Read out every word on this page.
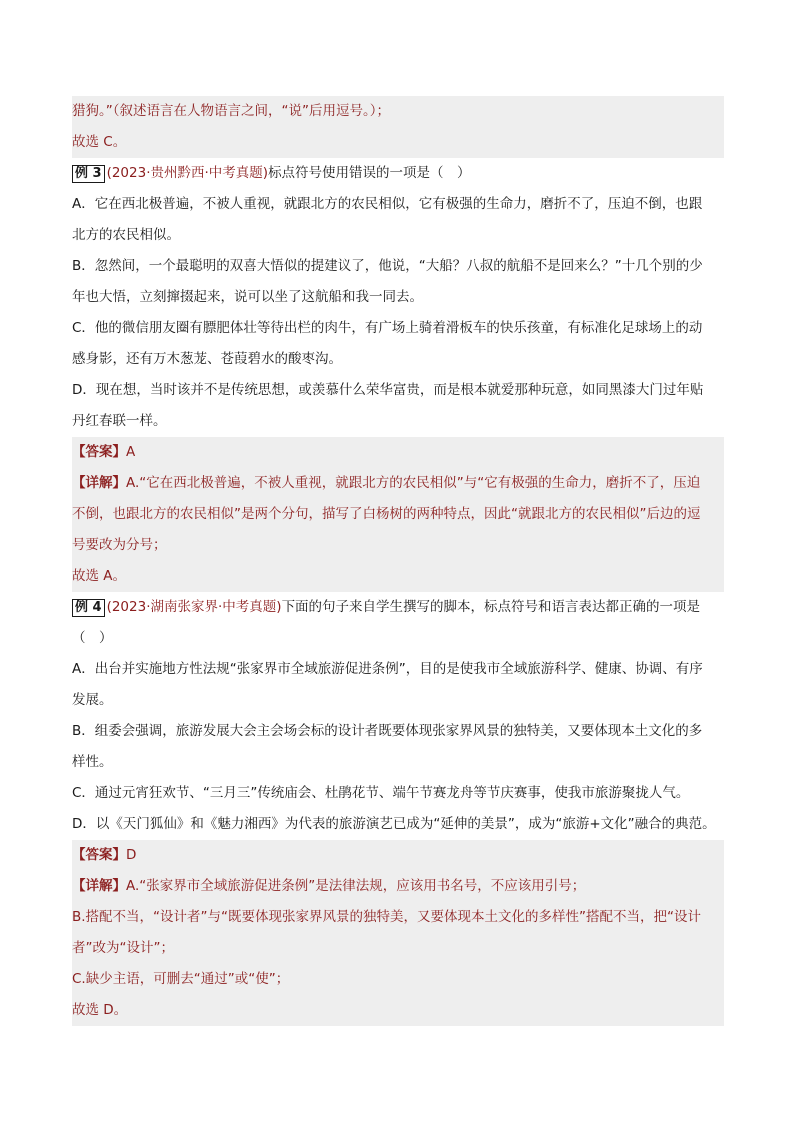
猎狗。”（叙述语言在人物语言之间，“说”后用逗号。）；
故选 C。
例 3 (2023·贵州黔西·中考真题) 标点符号使用错误的一项是（　）
A．它在西北极普遍，不被人重视，就跟北方的农民相似，它有极强的生命力，磨折不了，压迫不倒，也跟
北方的农民相似。
B．忽然间，一个最聪明的双喜大悟似的提建议了，他说，“大船？八叔的航船不是回来么？”十几个别的少
年也大悟，立刻撺掇起来，说可以坐了这航船和我一同去。
C．他的微信朋友圈有膘肥体壮等待出栏的肉牛，有广场上骑着滑板车的快乐孩童，有标准化足球场上的动
感身影，还有万木葱茏、苍葭碧水的酸枣沟。
D．现在想，当时该并不是传统思想，或羡慕什么荣华富贵，而是根本就爱那种玩意，如同黑漆大门过年贴
丹红春联一样。
【答案】A
【详解】A.“它在西北极普遍，不被人重视，就跟北方的农民相似”与“它有极强的生命力，磨折不了，压迫
不倒，也跟北方的农民相似”是两个分句，描写了白杨树的两种特点，因此“就跟北方的农民相似”后边的逗
号要改为分号；
故选 A。
例 4 (2023·湖南张家界·中考真题) 下面的句子来自学生撰写的脚本，标点符号和语言表达都正确的一项是
（　）
A．出台并实施地方性法规“张家界市全域旅游促进条例”，目的是使我市全域旅游科学、健康、协调、有序
发展。
B．组委会强调，旅游发展大会主会场会标的设计者既要体现张家界风景的独特美，又要体现本土文化的多
样性。
C．通过元宵狂欢节、“三月三”传统庙会、杜鹃花节、端午节赛龙舟等节庆赛事，使我市旅游聚拢人气。
D．以《天门狐仙》和《魅力湘西》为代表的旅游演艺已成为“延伸的美景”，成为“旅游+文化”融合的典范。
【答案】D
【详解】A.“张家界市全域旅游促进条例”是法律法规，应该用书名号，不应该用引号；
B.搭配不当，“设计者”与“既要体现张家界风景的独特美，又要体现本土文化的多样性”搭配不当，把“设计
者”改为“设计”；
C.缺少主语，可删去“通过”或“使”；
故选 D。
